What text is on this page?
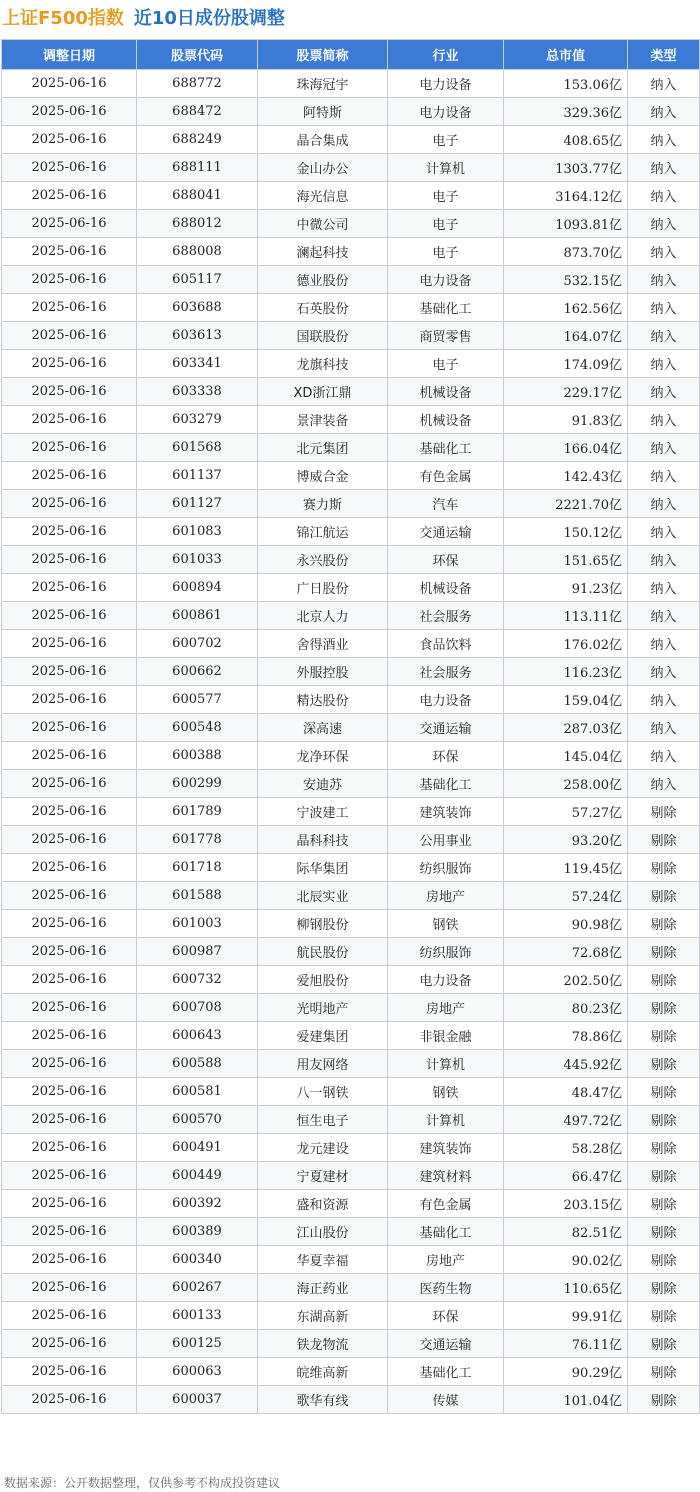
上证F500指数 近10日成份股调整
调整日期	股票代码	股票简称	行业	总市值	类型
2025-06-16	688772	珠海冠宇	电力设备	153.06亿	纳入
2025-06-16	688472	阿特斯	电力设备	329.36亿	纳入
2025-06-16	688249	晶合集成	电子	408.65亿	纳入
2025-06-16	688111	金山办公	计算机	1303.77亿	纳入
2025-06-16	688041	海光信息	电子	3164.12亿	纳入
2025-06-16	688012	中微公司	电子	1093.81亿	纳入
2025-06-16	688008	澜起科技	电子	873.70亿	纳入
2025-06-16	605117	德业股份	电力设备	532.15亿	纳入
2025-06-16	603688	石英股份	基础化工	162.56亿	纳入
2025-06-16	603613	国联股份	商贸零售	164.07亿	纳入
2025-06-16	603341	龙旗科技	电子	174.09亿	纳入
2025-06-16	603338	XD浙江鼎	机械设备	229.17亿	纳入
2025-06-16	603279	景津装备	机械设备	91.83亿	纳入
2025-06-16	601568	北元集团	基础化工	166.04亿	纳入
2025-06-16	601137	博威合金	有色金属	142.43亿	纳入
2025-06-16	601127	赛力斯	汽车	2221.70亿	纳入
2025-06-16	601083	锦江航运	交通运输	150.12亿	纳入
2025-06-16	601033	永兴股份	环保	151.65亿	纳入
2025-06-16	600894	广日股份	机械设备	91.23亿	纳入
2025-06-16	600861	北京人力	社会服务	113.11亿	纳入
2025-06-16	600702	舍得酒业	食品饮料	176.02亿	纳入
2025-06-16	600662	外服控股	社会服务	116.23亿	纳入
2025-06-16	600577	精达股份	电力设备	159.04亿	纳入
2025-06-16	600548	深高速	交通运输	287.03亿	纳入
2025-06-16	600388	龙净环保	环保	145.04亿	纳入
2025-06-16	600299	安迪苏	基础化工	258.00亿	纳入
2025-06-16	601789	宁波建工	建筑装饰	57.27亿	剔除
2025-06-16	601778	晶科科技	公用事业	93.20亿	剔除
2025-06-16	601718	际华集团	纺织服饰	119.45亿	剔除
2025-06-16	601588	北辰实业	房地产	57.24亿	剔除
2025-06-16	601003	柳钢股份	钢铁	90.98亿	剔除
2025-06-16	600987	航民股份	纺织服饰	72.68亿	剔除
2025-06-16	600732	爱旭股份	电力设备	202.50亿	剔除
2025-06-16	600708	光明地产	房地产	80.23亿	剔除
2025-06-16	600643	爱建集团	非银金融	78.86亿	剔除
2025-06-16	600588	用友网络	计算机	445.92亿	剔除
2025-06-16	600581	八一钢铁	钢铁	48.47亿	剔除
2025-06-16	600570	恒生电子	计算机	497.72亿	剔除
2025-06-16	600491	龙元建设	建筑装饰	58.28亿	剔除
2025-06-16	600449	宁夏建材	建筑材料	66.47亿	剔除
2025-06-16	600392	盛和资源	有色金属	203.15亿	剔除
2025-06-16	600389	江山股份	基础化工	82.51亿	剔除
2025-06-16	600340	华夏幸福	房地产	90.02亿	剔除
2025-06-16	600267	海正药业	医药生物	110.65亿	剔除
2025-06-16	600133	东湖高新	环保	99.91亿	剔除
2025-06-16	600125	铁龙物流	交通运输	76.11亿	剔除
2025-06-16	600063	皖维高新	基础化工	90.29亿	剔除
2025-06-16	600037	歌华有线	传媒	101.04亿	剔除
数据来源：公开数据整理，仅供参考不构成投资建议
